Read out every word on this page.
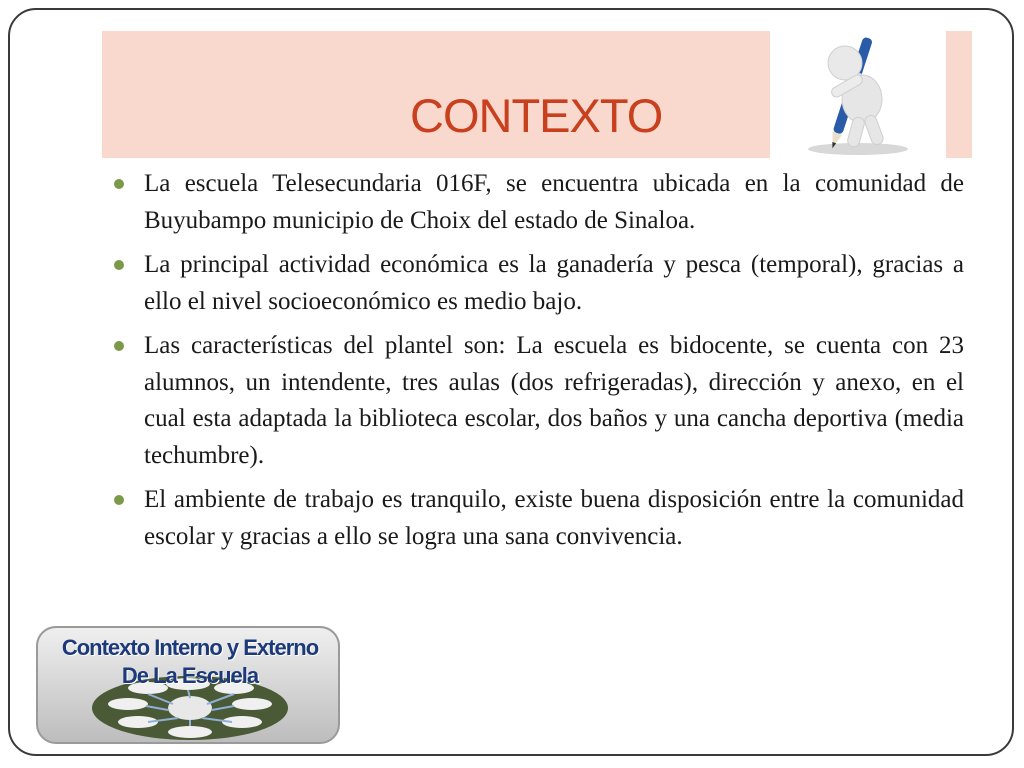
CONTEXTO
La escuela Telesecundaria 016F, se encuentra ubicada en la comunidad de Buyubampo municipio de Choix del estado de Sinaloa.
La principal actividad económica es la ganadería y pesca (temporal), gracias a ello el nivel socioeconómico es medio bajo.
Las características del plantel son: La escuela es bidocente, se cuenta con 23 alumnos, un intendente, tres aulas (dos refrigeradas), dirección y anexo, en el cual esta adaptada la biblioteca escolar, dos baños y una cancha deportiva (media techumbre).
El ambiente de trabajo es tranquilo, existe buena disposición entre la comunidad escolar y gracias a ello se logra una sana convivencia.
Contexto Interno y Externo De La Escuela
